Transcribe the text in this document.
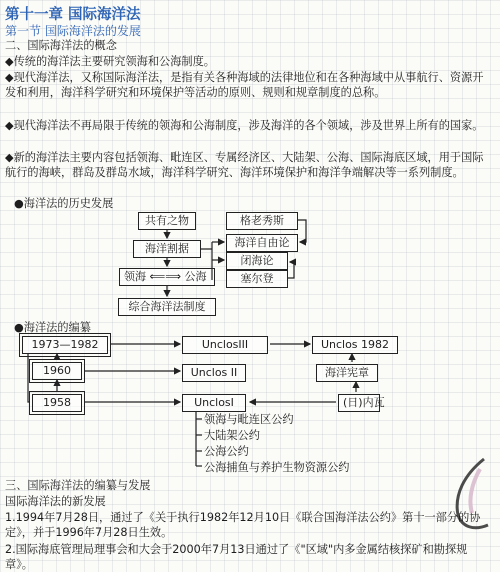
第十一章 国际海洋法
第一节 国际海洋法的发展
二、国际海洋法的概念
◆传统的海洋法主要研究领海和公海制度。
◆现代海洋法，又称国际海洋法，是指有关各种海域的法律地位和在各种海域中从事航行、资源开发和利用，海洋科学研究和环境保护等活动的原则、规则和规章制度的总称。
◆现代海洋法不再局限于传统的领海和公海制度，涉及海洋的各个领域，涉及世界上所有的国家。
◆新的海洋法主要内容包括领海、毗连区、专属经济区、大陆架、公海、国际海底区域，用于国际航行的海峡，群岛及群岛水域，海洋科学研究、海洋环境保护和海洋争端解决等一系列制度。
●海洋法的历史发展
共有之物
海洋割据
格老秀斯
海洋自由论
闭海论
塞尔登
领海 ⟸⟹ 公海
综合海洋法制度
●海洋法的编纂
1973—1982
1960
1958
UnclosIII
Unclos II
UnclosI
Unclos 1982
海洋宪章
(日)内瓦
领海与毗连区公约
大陆架公约
公海公约
公海捕鱼与养护生物资源公约
三、国际海洋法的编纂与发展
国际海洋法的新发展
1.1994年7月28日，通过了《关于执行1982年12月10日《联合国海洋法公约》第十一部分的协定》，并于1996年7月28日生效。
2.国际海底管理局理事会和大会于2000年7月13日通过了《"区域"内多金属结核探矿和勘探规章》。
